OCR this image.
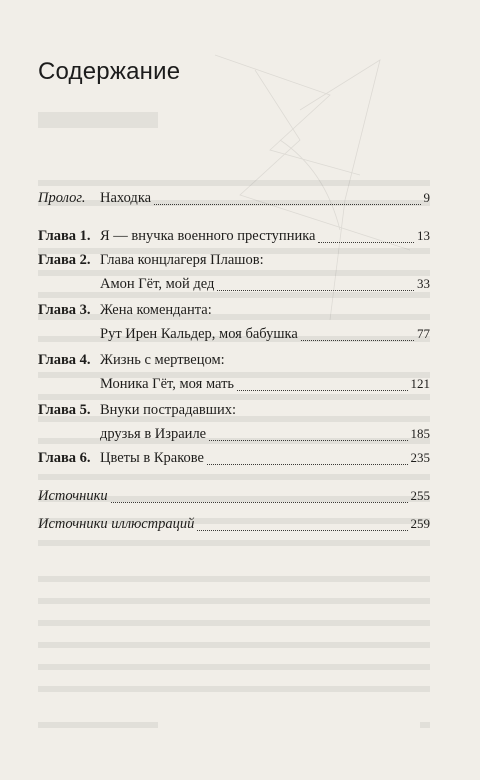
Содержание
Пролог.	Находка	9
Глава 1. Я — внучка военного преступника	13
Глава 2. Глава концлагеря Плашов:
Амон Гёт, мой дед	33
Глава 3. Жена коменданта:
Рут Ирен Кальдер, моя бабушка	77
Глава 4. Жизнь с мертвецом:
Моника Гёт, моя мать	121
Глава 5. Внуки пострадавших:
друзья в Израиле	185
Глава 6. Цветы в Кракове	235
Источники	255
Источники иллюстраций	259
